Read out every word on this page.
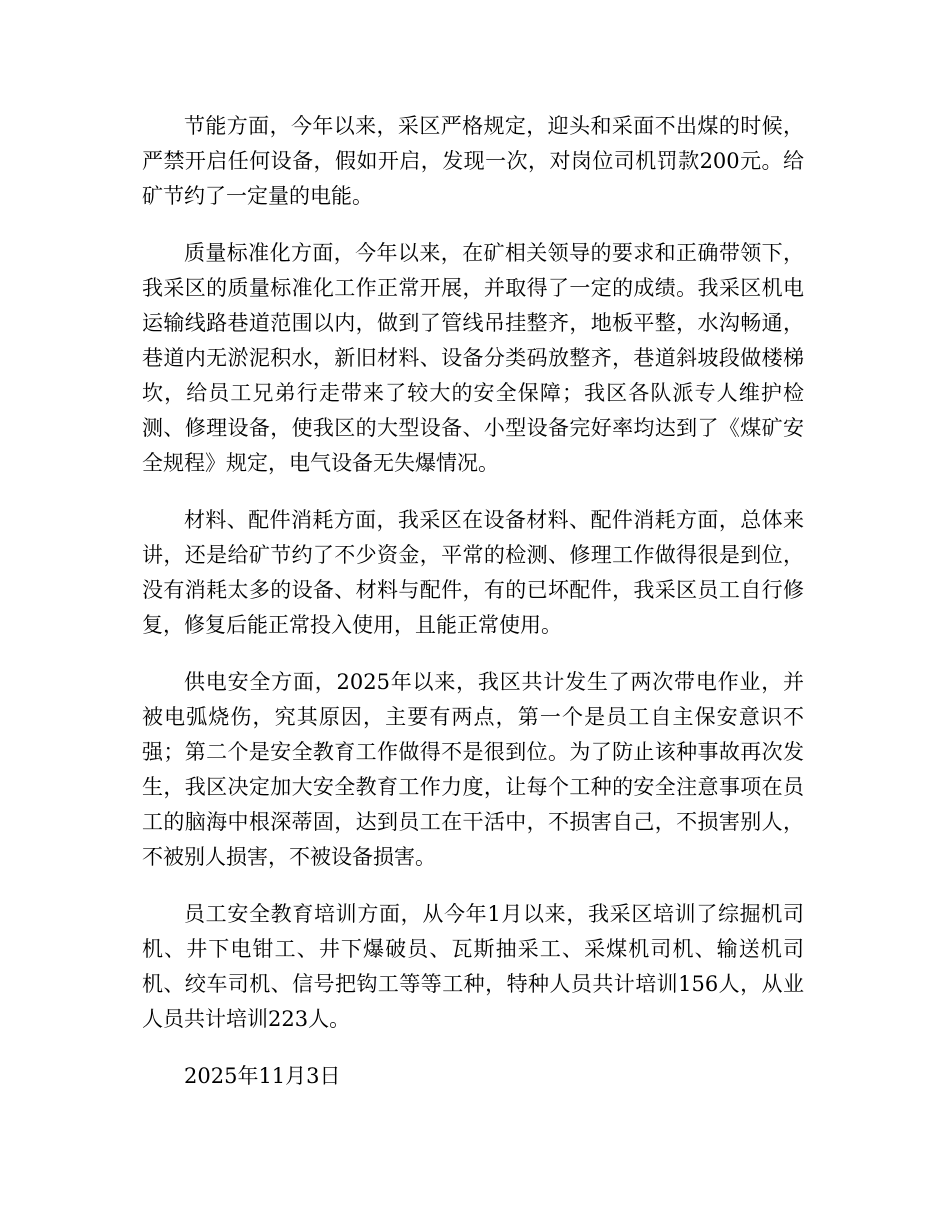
节能方面，今年以来，采区严格规定，迎头和采面不出煤的时候，严禁开启任何设备，假如开启，发现一次，对岗位司机罚款200元。给矿节约了一定量的电能。

质量标准化方面，今年以来，在矿相关领导的要求和正确带领下，我采区的质量标准化工作正常开展，并取得了一定的成绩。我采区机电运输线路巷道范围以内，做到了管线吊挂整齐，地板平整，水沟畅通，巷道内无淤泥积水，新旧材料、设备分类码放整齐，巷道斜坡段做楼梯坎，给员工兄弟行走带来了较大的安全保障；我区各队派专人维护检测、修理设备，使我区的大型设备、小型设备完好率均达到了《煤矿安全规程》规定，电气设备无失爆情况。

材料、配件消耗方面，我采区在设备材料、配件消耗方面，总体来讲，还是给矿节约了不少资金，平常的检测、修理工作做得很是到位，没有消耗太多的设备、材料与配件，有的已坏配件，我采区员工自行修复，修复后能正常投入使用，且能正常使用。

供电安全方面，2025年以来，我区共计发生了两次带电作业，并被电弧烧伤，究其原因，主要有两点，第一个是员工自主保安意识不强；第二个是安全教育工作做得不是很到位。为了防止该种事故再次发生，我区决定加大安全教育工作力度，让每个工种的安全注意事项在员工的脑海中根深蒂固，达到员工在干活中，不损害自己，不损害别人，不被别人损害，不被设备损害。

员工安全教育培训方面，从今年1月以来，我采区培训了综掘机司机、井下电钳工、井下爆破员、瓦斯抽采工、采煤机司机、输送机司机、绞车司机、信号把钩工等等工种，特种人员共计培训156人，从业人员共计培训223人。

2025年11月3日
